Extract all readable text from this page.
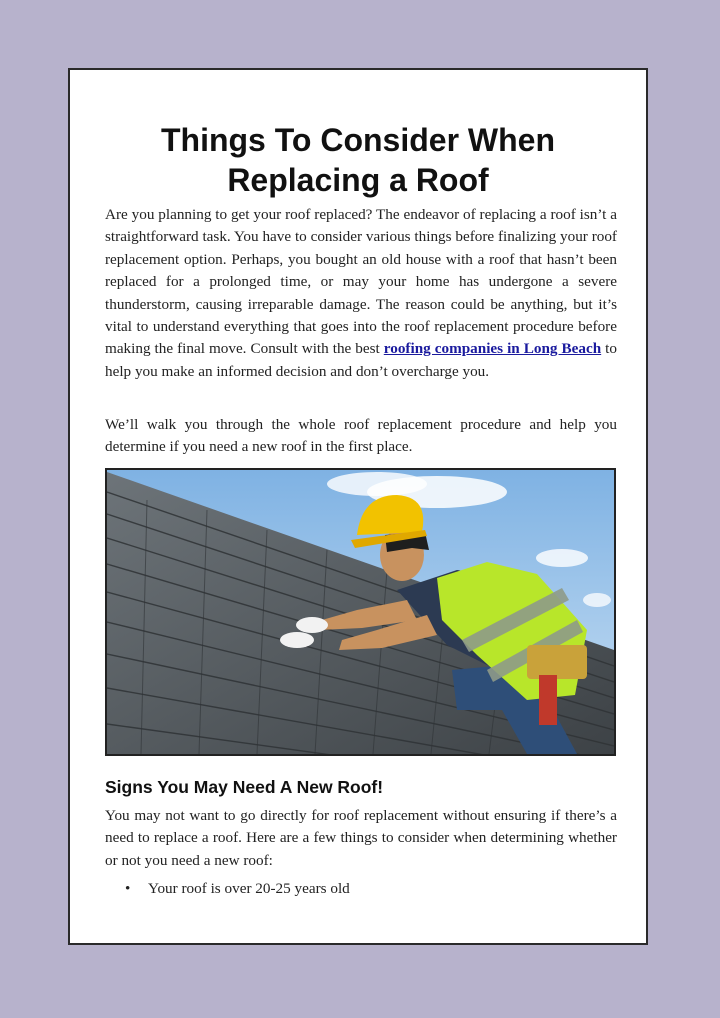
Things To Consider When Replacing a Roof

Are you planning to get your roof replaced? The endeavor of replacing a roof isn’t a straightforward task. You have to consider various things before finalizing your roof replacement option. Perhaps, you bought an old house with a roof that hasn’t been replaced for a prolonged time, or may your home has undergone a severe thunderstorm, causing irreparable damage. The reason could be anything, but it’s vital to understand everything that goes into the roof replacement procedure before making the final move. Consult with the best roofing companies in Long Beach to help you make an informed decision and don’t overcharge you.

We’ll walk you through the whole roof replacement procedure and help you determine if you need a new roof in the first place.

Signs You May Need A New Roof!

You may not want to go directly for roof replacement without ensuring if there’s a need to replace a roof. Here are a few things to consider when determining whether or not you need a new roof:

• Your roof is over 20-25 years old
